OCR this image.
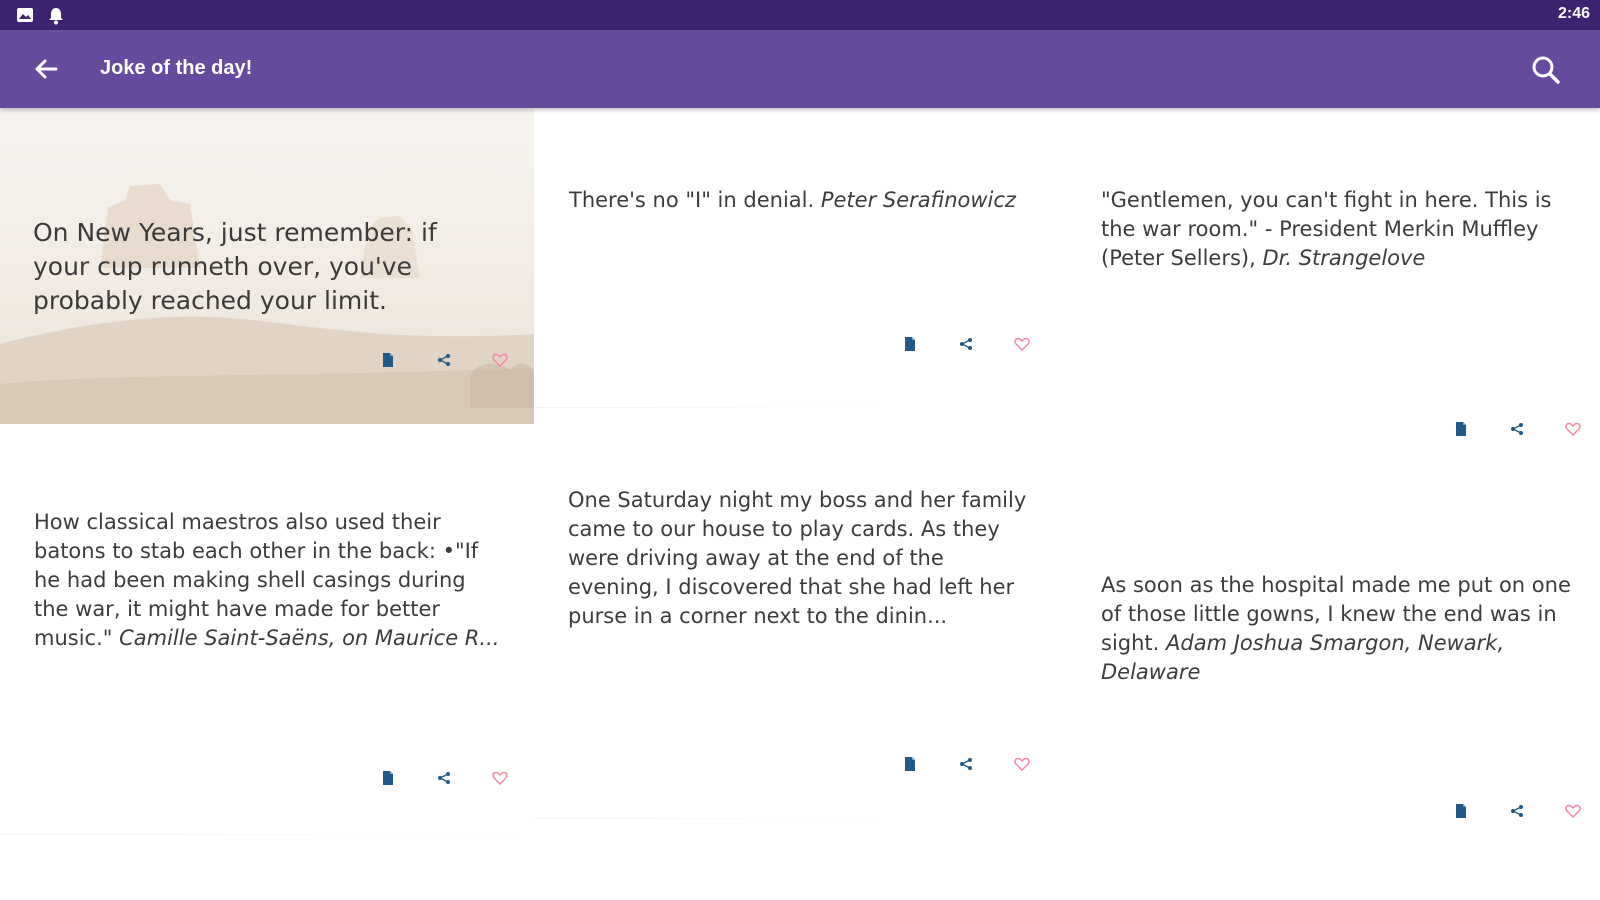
2:46
Joke of the day!
On New Years, just remember: if your cup runneth over, you've probably reached your limit.
There's no "I" in denial. Peter Serafinowicz	"Gentlemen, you can't fight in here. This is the war room." - President Merkin Muffley (Peter Sellers), Dr. Strangelove
How classical maestros also used their batons to stab each other in the back: •"If he had been making shell casings during the war, it might have made for better music." Camille Saint-Saëns, on Maurice R...
One Saturday night my boss and her family came to our house to play cards. As they were driving away at the end of the evening, I discovered that she had left her purse in a corner next to the dinin...
As soon as the hospital made me put on one of those little gowns, I knew the end was in sight. Adam Joshua Smargon, Newark, Delaware
